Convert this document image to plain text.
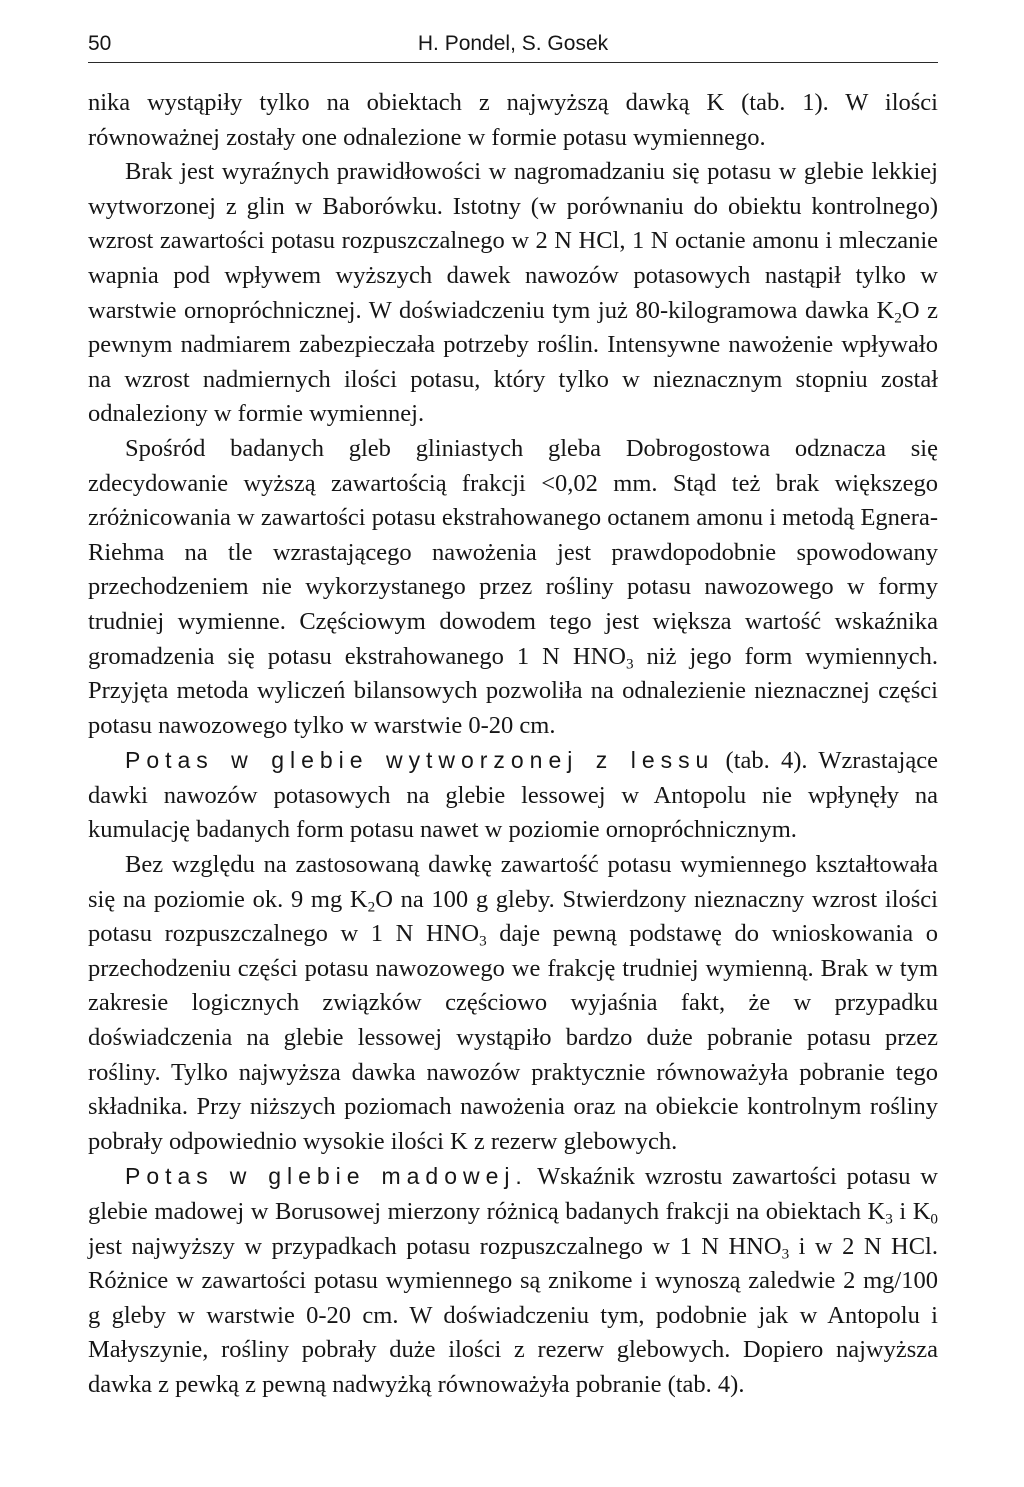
50	H. Pondel, S. Gosek

nika wystąpiły tylko na obiektach z najwyższą dawką K (tab. 1). W ilości równoważnej zostały one odnalezione w formie potasu wymiennego.

Brak jest wyraźnych prawidłowości w nagromadzaniu się potasu w glebie lekkiej wytworzonej z glin w Baborówku. Istotny (w porównaniu do obiektu kontrolnego) wzrost zawartości potasu rozpuszczalnego w 2 N HCl, 1 N octanie amonu i mleczanie wapnia pod wpływem wyższych dawek nawozów potasowych nastąpił tylko w warstwie ornopróchnicznej. W doświadczeniu tym już 80-kilogramowa dawka $K_2O$ z pewnym nadmiarem zabezpieczała potrzeby roślin. Intensywne nawożenie wpływało na wzrost nadmiernych ilości potasu, który tylko w nieznacznym stopniu został odnaleziony w formie wymiennej.

Spośród badanych gleb gliniastych gleba Dobrogostowa odznacza się zdecydowanie wyższą zawartością frakcji <0,02 mm. Stąd też brak większego zróżnicowania w zawartości potasu ekstrahowanego octanem amonu i metodą Egnera-Riehma na tle wzrastającego nawożenia jest prawdopodobnie spowodowany przechodzeniem nie wykorzystanego przez rośliny potasu nawozowego w formy trudniej wymienne. Częściowym dowodem tego jest większa wartość wskaźnika gromadzenia się potasu ekstrahowanego 1 N $HNO_3$ niż jego form wymiennych. Przyjęta metoda wyliczeń bilansowych pozwoliła na odnalezienie nieznacznej części potasu nawozowego tylko w warstwie 0-20 cm.

Potas w glebie wytworzonej z lessu (tab. 4). Wzrastające dawki nawozów potasowych na glebie lessowej w Antopolu nie wpłynęły na kumulację badanych form potasu nawet w poziomie ornopróchnicznym.

Bez względu na zastosowaną dawkę zawartość potasu wymiennego kształtowała się na poziomie ok. 9 mg $K_2O$ na 100 g gleby. Stwierdzony nieznaczny wzrost ilości potasu rozpuszczalnego w 1 N $HNO_3$ daje pewną podstawę do wnioskowania o przechodzeniu części potasu nawozowego we frakcję trudniej wymienną. Brak w tym zakresie logicznych związków częściowo wyjaśnia fakt, że w przypadku doświadczenia na glebie lessowej wystąpiło bardzo duże pobranie potasu przez rośliny. Tylko najwyższa dawka nawozów praktycznie równoważyła pobranie tego składnika. Przy niższych poziomach nawożenia oraz na obiekcie kontrolnym rośliny pobrały odpowiednio wysokie ilości K z rezerw glebowych.

Potas w glebie madowej. Wskaźnik wzrostu zawartości potasu w glebie madowej w Borusowej mierzony różnicą badanych frakcji na obiektach $K_3$ i $K_0$ jest najwyższy w przypadkach potasu rozpuszczalnego w 1 N $HNO_3$ i w 2 N HCl. Różnice w zawartości potasu wymiennego są znikome i wynoszą zaledwie 2 mg/100 g gleby w warstwie 0-20 cm. W doświadczeniu tym, podobnie jak w Antopolu i Małyszynie, rośliny pobrały duże ilości z rezerw glebowych. Dopiero najwyższa dawka z pewką z pewną nadwyżką równoważyła pobranie (tab. 4).
